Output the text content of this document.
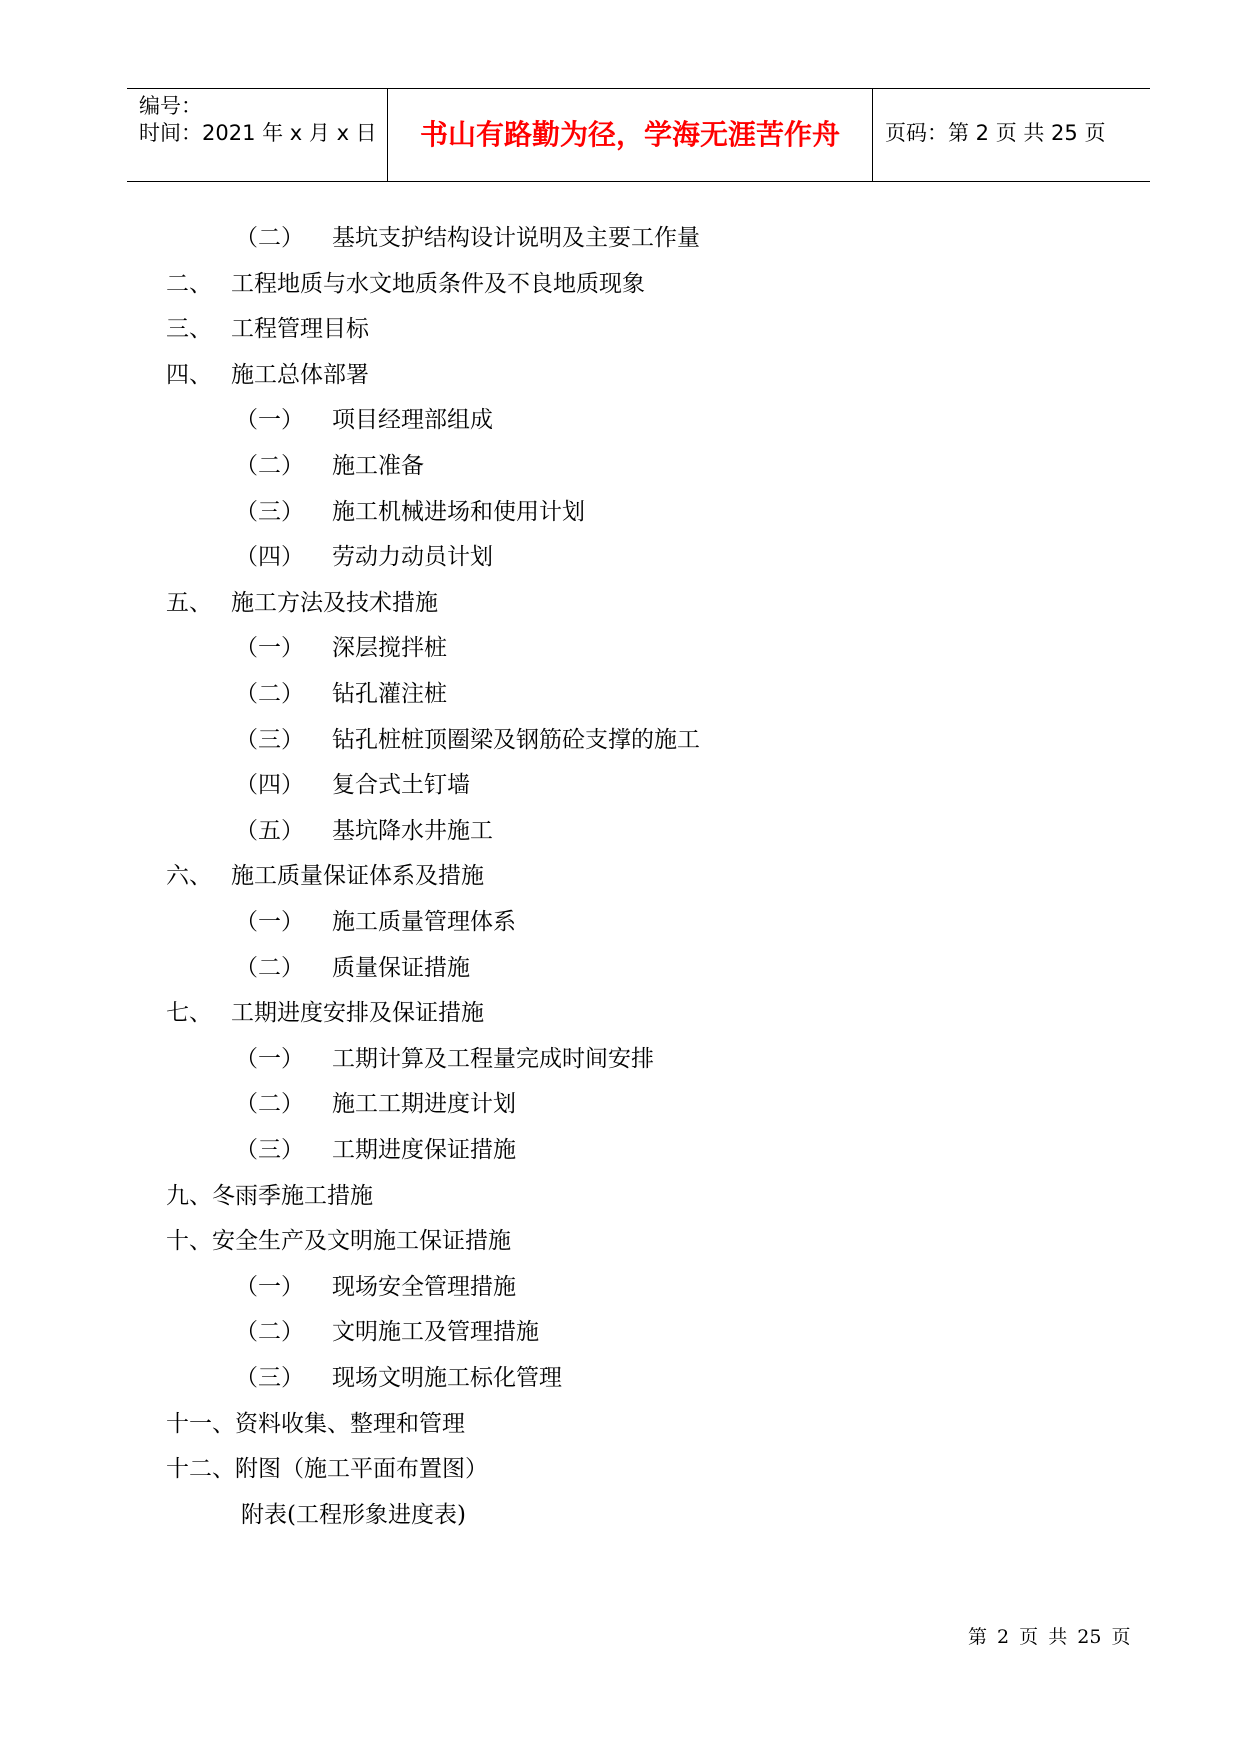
编号：
时间：2021 年 x 月 x 日	书山有路勤为径，学海无涯苦作舟	页码：第 2 页 共 25 页
（二） 基坑支护结构设计说明及主要工作量
二、 工程地质与水文地质条件及不良地质现象
三、 工程管理目标
四、 施工总体部署
（一） 项目经理部组成
（二） 施工准备
（三） 施工机械进场和使用计划
（四） 劳动力动员计划
五、 施工方法及技术措施
（一） 深层搅拌桩
（二） 钻孔灌注桩
（三） 钻孔桩桩顶圈梁及钢筋砼支撑的施工
（四） 复合式土钉墙
（五） 基坑降水井施工
六、 施工质量保证体系及措施
（一） 施工质量管理体系
（二） 质量保证措施
七、 工期进度安排及保证措施
（一） 工期计算及工程量完成时间安排
（二） 施工工期进度计划
（三） 工期进度保证措施
九、冬雨季施工措施
十、安全生产及文明施工保证措施
（一） 现场安全管理措施
（二） 文明施工及管理措施
（三） 现场文明施工标化管理
十一、资料收集、整理和管理
十二、附图（施工平面布置图）
附表(工程形象进度表)
第 2 页 共 25 页
